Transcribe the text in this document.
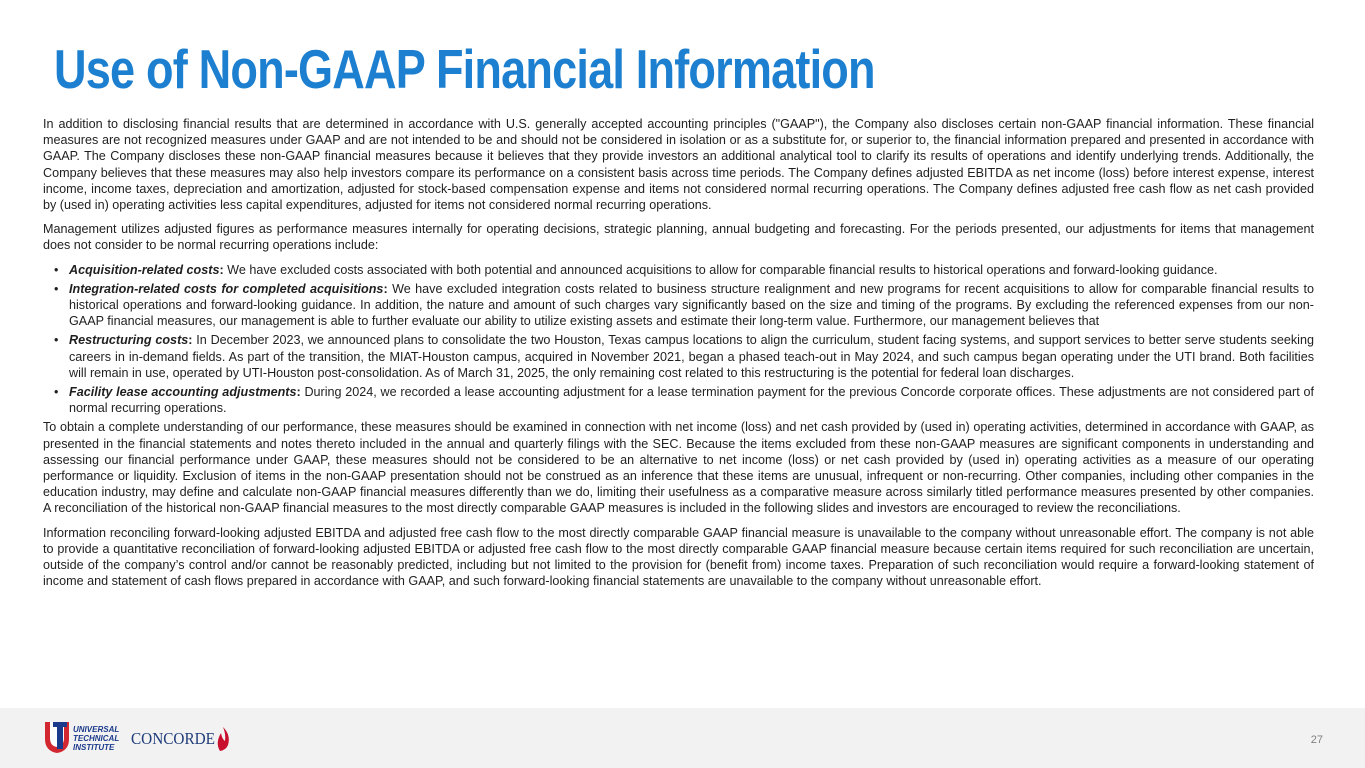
Use of Non-GAAP Financial Information

In addition to disclosing financial results that are determined in accordance with U.S. generally accepted accounting principles ("GAAP"), the Company also discloses certain non-GAAP financial information. These financial measures are not recognized measures under GAAP and are not intended to be and should not be considered in isolation or as a substitute for, or superior to, the financial information prepared and presented in accordance with GAAP. The Company discloses these non-GAAP financial measures because it believes that they provide investors an additional analytical tool to clarify its results of operations and identify underlying trends. Additionally, the Company believes that these measures may also help investors compare its performance on a consistent basis across time periods. The Company defines adjusted EBITDA as net income (loss) before interest expense, interest income, income taxes, depreciation and amortization, adjusted for stock-based compensation expense and items not considered normal recurring operations. The Company defines adjusted free cash flow as net cash provided by (used in) operating activities less capital expenditures, adjusted for items not considered normal recurring operations.

Management utilizes adjusted figures as performance measures internally for operating decisions, strategic planning, annual budgeting and forecasting. For the periods presented, our adjustments for items that management does not consider to be normal recurring operations include:

• Acquisition-related costs: We have excluded costs associated with both potential and announced acquisitions to allow for comparable financial results to historical operations and forward-looking guidance.
• Integration-related costs for completed acquisitions: We have excluded integration costs related to business structure realignment and new programs for recent acquisitions to allow for comparable financial results to historical operations and forward-looking guidance. In addition, the nature and amount of such charges vary significantly based on the size and timing of the programs. By excluding the referenced expenses from our non-GAAP financial measures, our management is able to further evaluate our ability to utilize existing assets and estimate their long-term value. Furthermore, our management believes that
• Restructuring costs: In December 2023, we announced plans to consolidate the two Houston, Texas campus locations to align the curriculum, student facing systems, and support services to better serve students seeking careers in in-demand fields. As part of the transition, the MIAT-Houston campus, acquired in November 2021, began a phased teach-out in May 2024, and such campus began operating under the UTI brand. Both facilities will remain in use, operated by UTI-Houston post-consolidation. As of March 31, 2025, the only remaining cost related to this restructuring is the potential for federal loan discharges.
• Facility lease accounting adjustments: During 2024, we recorded a lease accounting adjustment for a lease termination payment for the previous Concorde corporate offices. These adjustments are not considered part of normal recurring operations.

To obtain a complete understanding of our performance, these measures should be examined in connection with net income (loss) and net cash provided by (used in) operating activities, determined in accordance with GAAP, as presented in the financial statements and notes thereto included in the annual and quarterly filings with the SEC. Because the items excluded from these non-GAAP measures are significant components in understanding and assessing our financial performance under GAAP, these measures should not be considered to be an alternative to net income (loss) or net cash provided by (used in) operating activities as a measure of our operating performance or liquidity. Exclusion of items in the non-GAAP presentation should not be construed as an inference that these items are unusual, infrequent or non-recurring. Other companies, including other companies in the education industry, may define and calculate non-GAAP financial measures differently than we do, limiting their usefulness as a comparative measure across similarly titled performance measures presented by other companies. A reconciliation of the historical non-GAAP financial measures to the most directly comparable GAAP measures is included in the following slides and investors are encouraged to review the reconciliations.

Information reconciling forward-looking adjusted EBITDA and adjusted free cash flow to the most directly comparable GAAP financial measure is unavailable to the company without unreasonable effort. The company is not able to provide a quantitative reconciliation of forward-looking adjusted EBITDA or adjusted free cash flow to the most directly comparable GAAP financial measure because certain items required for such reconciliation are uncertain, outside of the company’s control and/or cannot be reasonably predicted, including but not limited to the provision for (benefit from) income taxes. Preparation of such reconciliation would require a forward-looking statement of income and statement of cash flows prepared in accordance with GAAP, and such forward-looking financial statements are unavailable to the company without unreasonable effort.

UNIVERSAL
TECHNICAL
INSTITUTE CONCORDE	27
